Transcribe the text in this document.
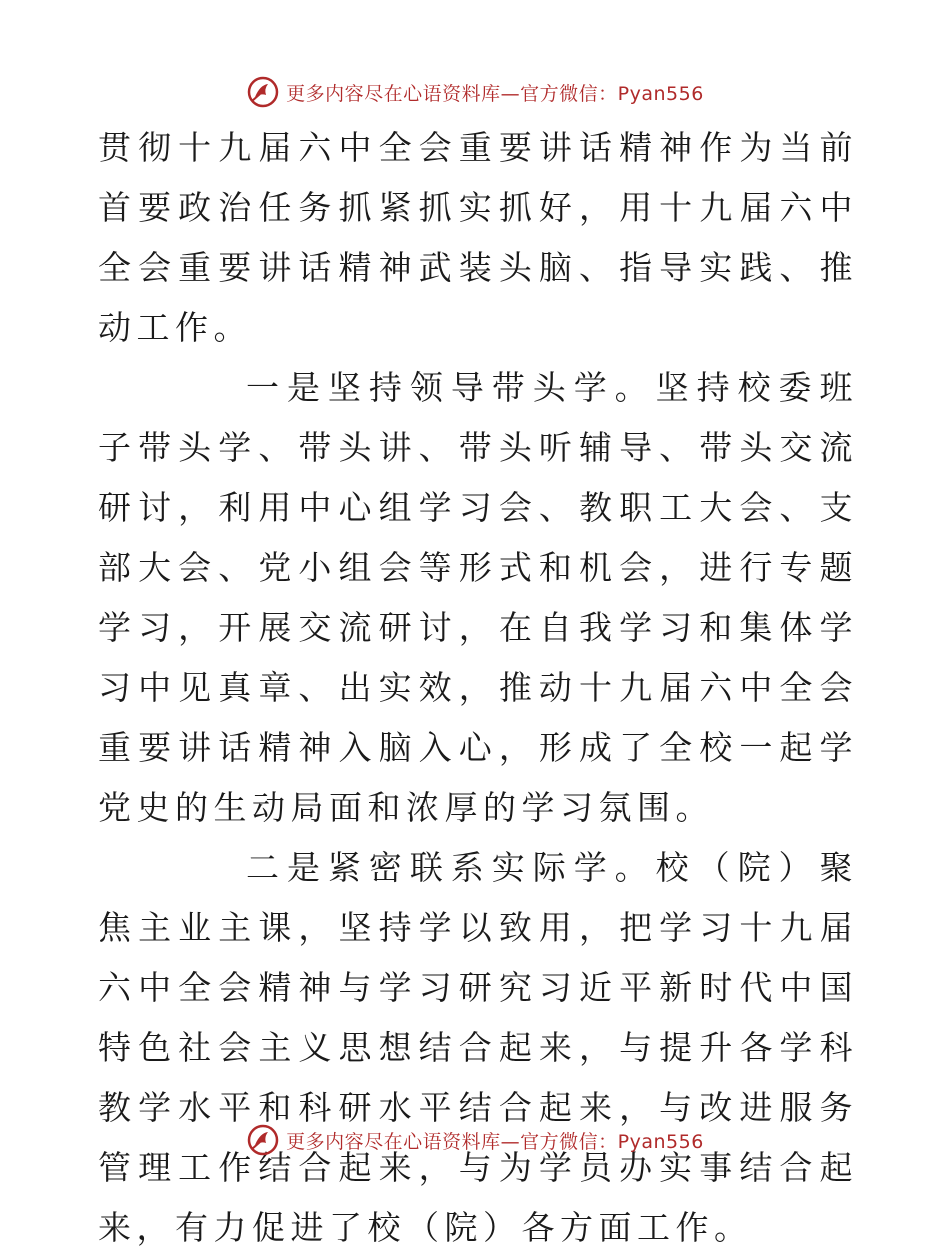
更多内容尽在心语资料库—官方微信：Pyan556

贯彻十九届六中全会重要讲话精神作为当前首要政治任务抓紧抓实抓好，用十九届六中全会重要讲话精神武装头脑、指导实践、推动工作。

一是坚持领导带头学。坚持校委班子带头学、带头讲、带头听辅导、带头交流研讨，利用中心组学习会、教职工大会、支部大会、党小组会等形式和机会，进行专题学习，开展交流研讨，在自我学习和集体学习中见真章、出实效，推动十九届六中全会重要讲话精神入脑入心，形成了全校一起学党史的生动局面和浓厚的学习氛围。

二是紧密联系实际学。校（院）聚焦主业主课，坚持学以致用，把学习十九届六中全会精神与学习研究习近平新时代中国特色社会主义思想结合起来，与提升各学科教学水平和科研水平结合起来，与改进服务管理工作结合起来，与为学员办实事结合起来，有力促进了校（院）各方面工作。

更多内容尽在心语资料库—官方微信：Pyan556
